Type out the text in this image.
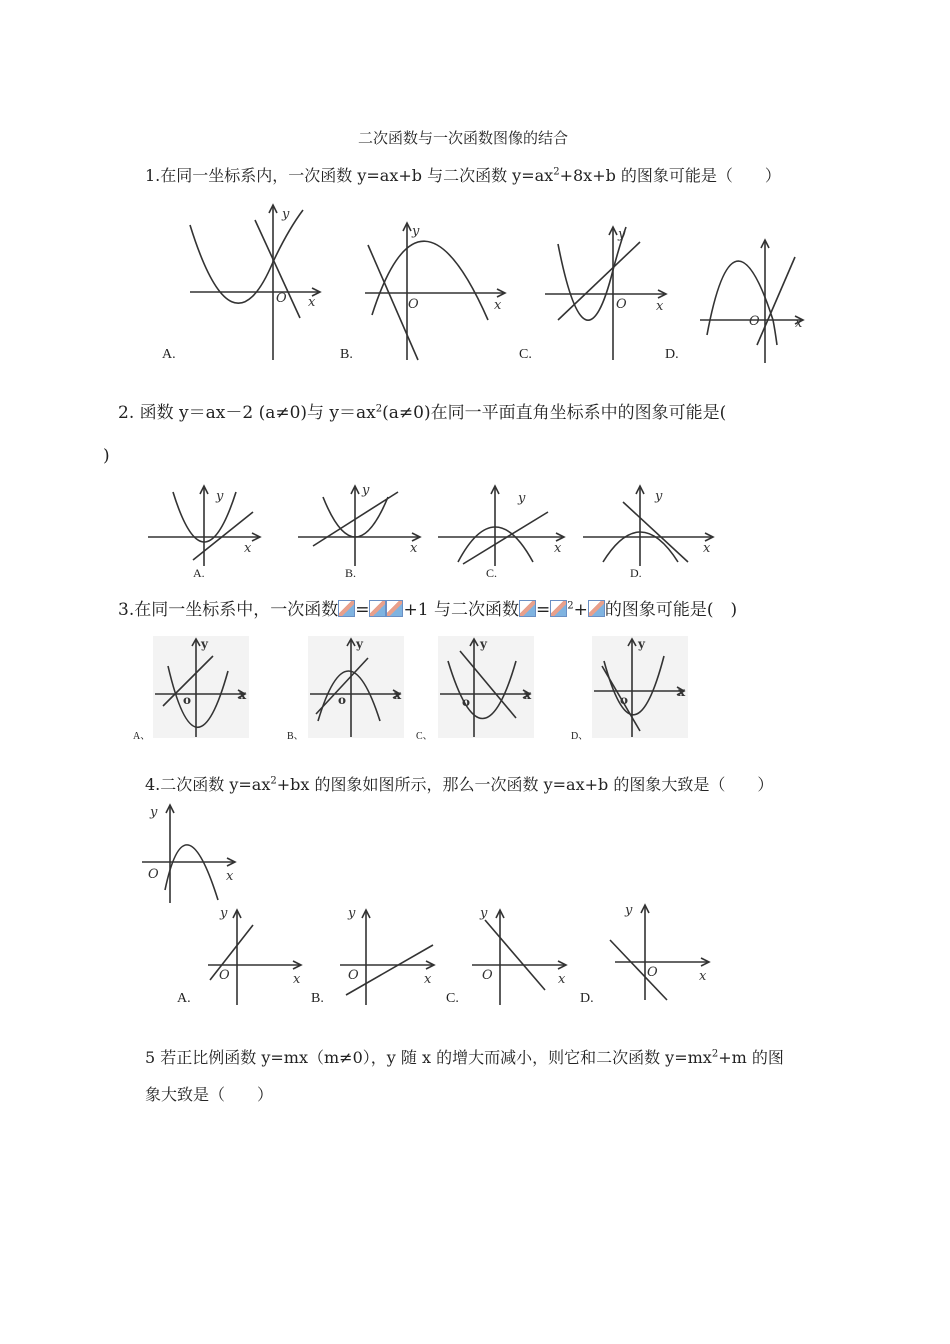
二次函数与一次函数图像的结合
1.在同一坐标系内，一次函数 y=ax+b 与二次函数 $y=ax^2+8x+b$ 的图象可能是（　　）
y
x
O
A.
y
x
O
B.
y
x
O
C.
O	x
D.
2. 函数 y＝ax－2 (a≠0)与 $y=ax^2(a\ne 0)$在同一平面直角坐标系中的图象可能是(
)
y
x
A.
y
x
B.
y
x
C.
y
x
D.
3.在同一坐标系中，一次函数 = +1 与二次函数 = $^2$+ 的图象可能是(　)
y
x
o
A、
y
x
o
B、
y
x
o
C、
y
x
o
D、
4.二次函数 $y=ax^2+bx$ 的图象如图所示，那么一次函数 y=ax+b 的图象大致是（　　）
y
x
O
y
x
O
A.
y
x
O
B.
y
x
O
C.
y
x
O
D.
5 若正比例函数 y=mx（m≠0），y 随 x 的增大而减小，则它和二次函数 $y=mx^2+m$ 的图
象大致是（　　）
